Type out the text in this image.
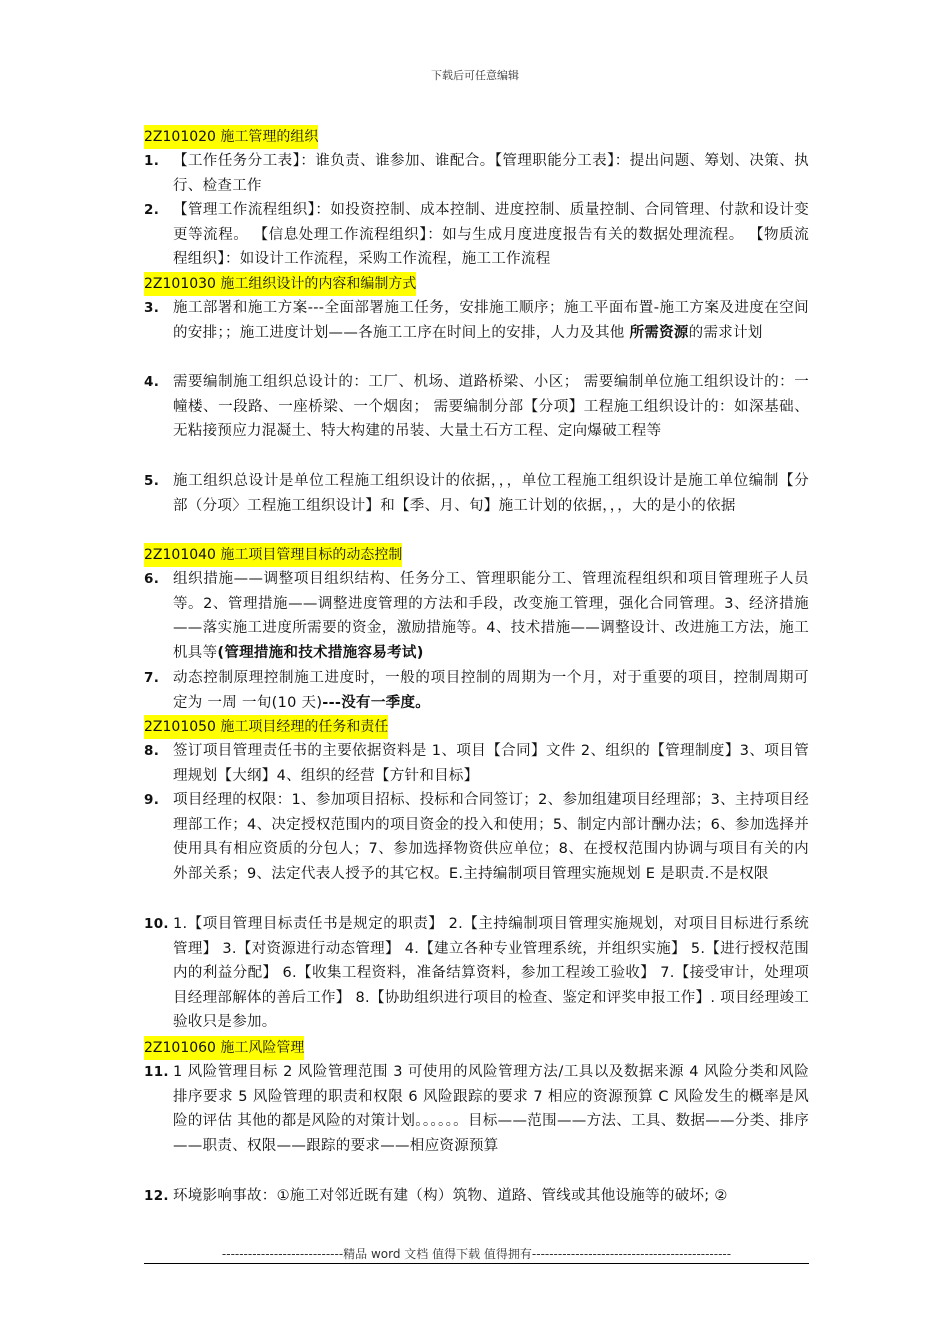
下载后可任意编辑
2Z101020 施工管理的组织
1. 【工作任务分工表】：谁负责、谁参加、谁配合。【管理职能分工表】：提出问题、筹划、决策、执行、检查工作
2. 【管理工作流程组织】：如投资控制、成本控制、进度控制、质量控制、合同管理、付款和设计变更等流程。 【信息处理工作流程组织】：如与生成月度进度报告有关的数据处理流程。 【物质流程组织】：如设计工作流程，采购工作流程，施工工作流程
2Z101030 施工组织设计的内容和编制方式
3. 施工部署和施工方案---全面部署施工任务，安排施工顺序；施工平面布置-施工方案及进度在空间的安排；；施工进度计划——各施工工序在时间上的安排，人力及其他 所需资源的需求计划
4. 需要编制施工组织总设计的：工厂、机场、道路桥梁、小区； 需要编制单位施工组织设计的：一幢楼、一段路、一座桥梁、一个烟囱； 需要编制分部【分项】工程施工组织设计的：如深基础、无粘接预应力混凝土、特大构建的吊装、大量土石方工程、定向爆破工程等
5. 施工组织总设计是单位工程施工组织设计的依据，，，单位工程施工组织设计是施工单位编制【分部（分项〉工程施工组织设计】和【季、月、旬】施工计划的依据，，，大的是小的依据
2Z101040 施工项目管理目标的动态控制
6. 组织措施——调整项目组织结构、任务分工、管理职能分工、管理流程组织和项目管理班子人员等。2、管理措施——调整进度管理的方法和手段，改变施工管理，强化合同管理。3、经济措施——落实施工进度所需要的资金，激励措施等。4、技术措施——调整设计、改进施工方法，施工机具等(管理措施和技术措施容易考试)
7. 动态控制原理控制施工进度时，一般的项目控制的周期为一个月，对于重要的项目，控制周期可定为 一周 一旬(10 天)---没有一季度。
2Z101050 施工项目经理的任务和责任
8. 签订项目管理责任书的主要依据资料是 1、项目【合同】文件 2、组织的【管理制度】3、项目管理规划【大纲】4、组织的经营【方针和目标】
9. 项目经理的权限：1、参加项目招标、投标和合同签订；2、参加组建项目经理部；3、主持项目经理部工作；4、决定授权范围内的项目资金的投入和使用；5、制定内部计酬办法；6、参加选择并使用具有相应资质的分包人；7、参加选择物资供应单位；8、在授权范围内协调与项目有关的内外部关系；9、法定代表人授予的其它权。E.主持编制项目管理实施规划 E 是职责.不是权限
10. 1.【项目管理目标责任书是规定的职责】 2.【主持编制项目管理实施规划，对项目目标进行系统管理】 3.【对资源进行动态管理】 4.【建立各种专业管理系统，并组织实施】 5.【进行授权范围内的利益分配】 6.【收集工程资料，准备结算资料，参加工程竣工验收】 7.【接受审计，处理项目经理部解体的善后工作】 8.【协助组织进行项目的检查、鉴定和评奖申报工作】. 项目经理竣工验收只是参加。
2Z101060 施工风险管理
11. 1 风险管理目标 2 风险管理范围 3 可使用的风险管理方法/工具以及数据来源 4 风险分类和风险排序要求 5 风险管理的职责和权限 6 风险跟踪的要求 7 相应的资源预算 C 风险发生的概率是风险的评估 其他的都是风险的对策计划。。。。。。目标——范围——方法、工具、数据——分类、排序——职责、权限——跟踪的要求——相应资源预算
12. 环境影响事故：①施工对邻近既有建（构）筑物、道路、管线或其他设施等的破坏; ②
----------------------------精品 word 文档 值得下载 值得拥有----------------------------------------------
